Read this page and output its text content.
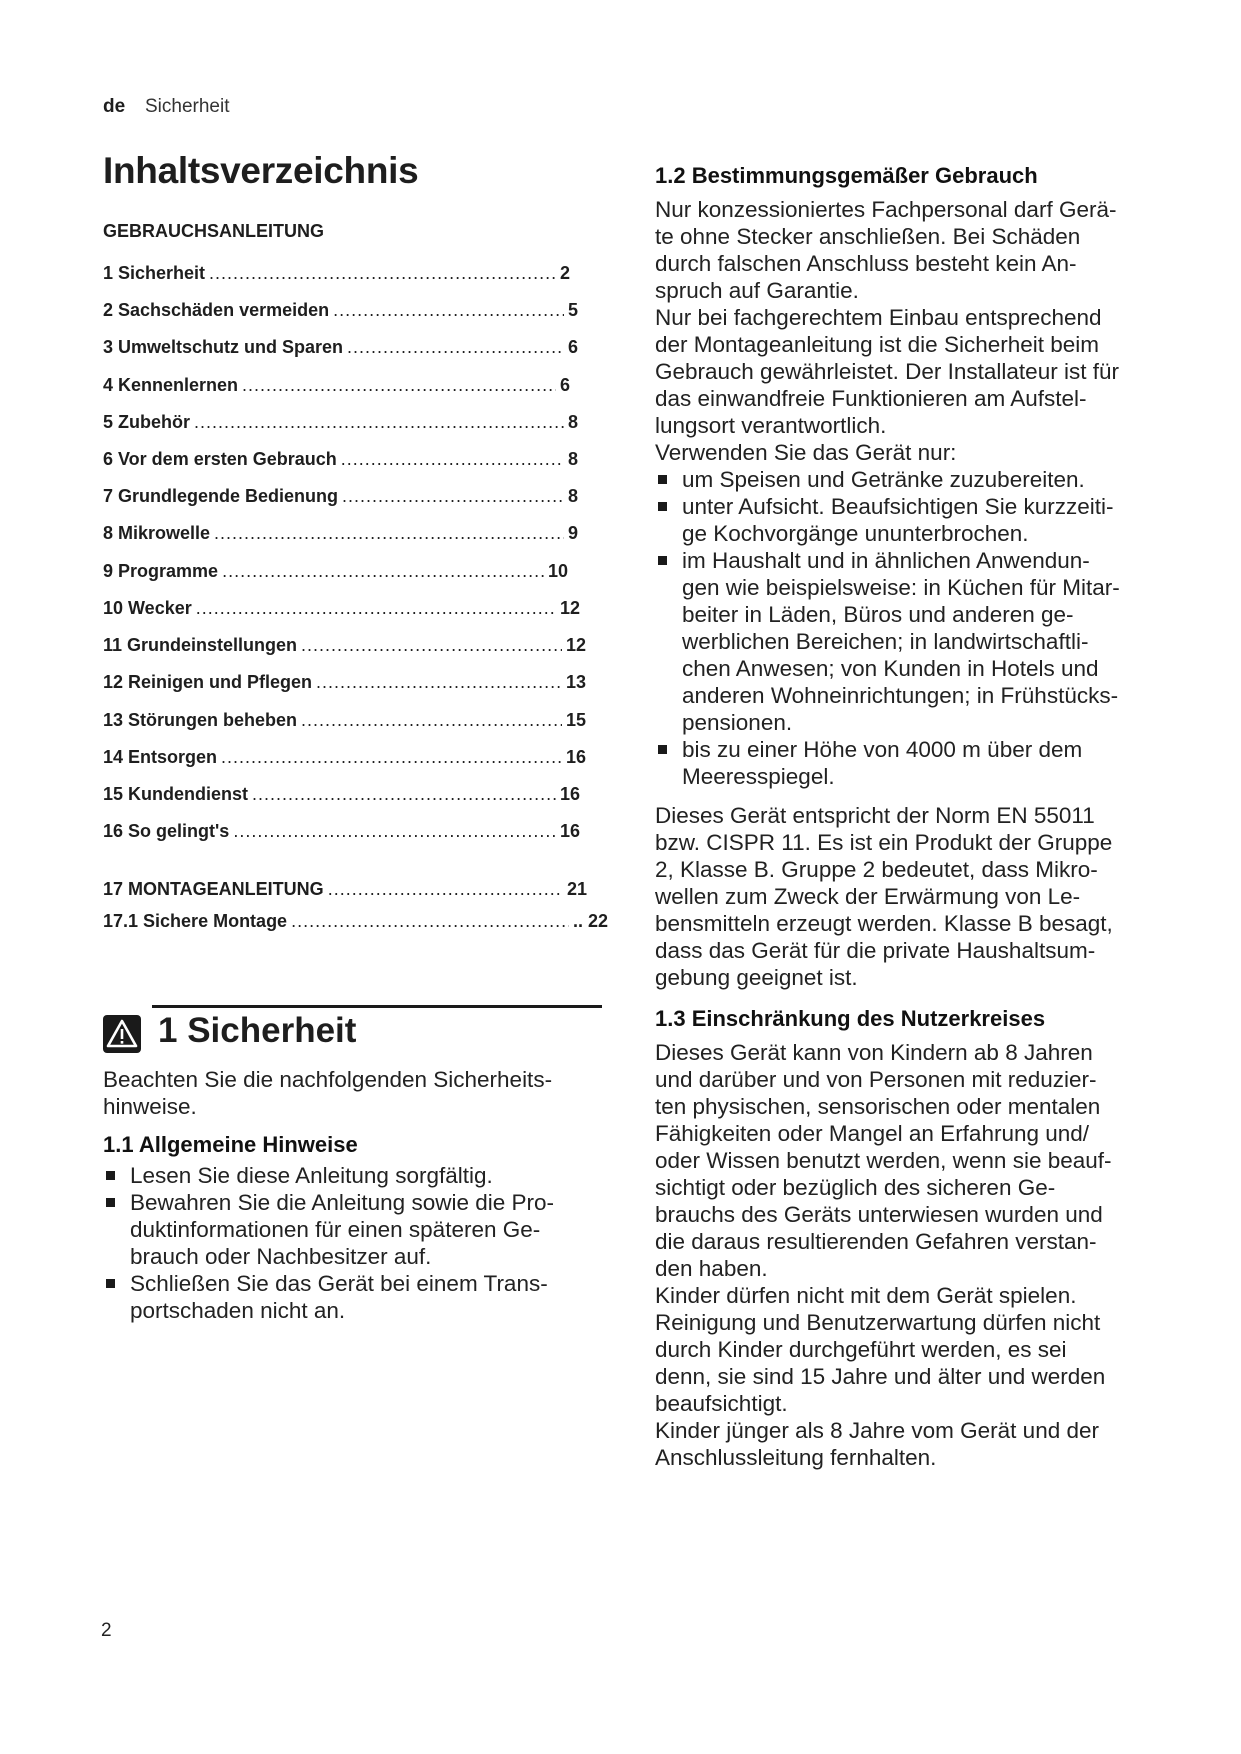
de Sicherheit
Inhaltsverzeichnis
GEBRAUCHSANLEITUNG
1 Sicherheit .....	2
2 Sachschäden vermeiden .....	5
3 Umweltschutz und Sparen .....	6
4 Kennenlernen .....	6
5 Zubehör .....	8
6 Vor dem ersten Gebrauch .....	8
7 Grundlegende Bedienung .....	8
8 Mikrowelle .....	9
9 Programme .....	10
10 Wecker .....	12
11 Grundeinstellungen .....	12
12 Reinigen und Pflegen .....	13
13 Störungen beheben .....	15
14 Entsorgen .....	16
15 Kundendienst .....	16
16 So gelingt's .....	16
17 MONTAGEANLEITUNG .....	21
17.1 Sichere Montage .....	.. 22
1 Sicherheit
Beachten Sie die nachfolgenden Sicherheits-
hinweise.
1.1 Allgemeine Hinweise
Lesen Sie diese Anleitung sorgfältig.
Bewahren Sie die Anleitung sowie die Pro-
duktinformationen für einen späteren Ge-
brauch oder Nachbesitzer auf.
Schließen Sie das Gerät bei einem Trans-
portschaden nicht an.
1.2 Bestimmungsgemäßer Gebrauch

Nur konzessioniertes Fachpersonal darf Gerä-
te ohne Stecker anschließen. Bei Schäden
durch falschen Anschluss besteht kein An-
spruch auf Garantie.

Nur bei fachgerechtem Einbau entsprechend
der Montageanleitung ist die Sicherheit beim
Gebrauch gewährleistet. Der Installateur ist für
das einwandfreie Funktionieren am Aufstel-
lungsort verantwortlich.

Verwenden Sie das Gerät nur:

um Speisen und Getränke zuzubereiten.
unter Aufsicht. Beaufsichtigen Sie kurzzeiti-
ge Kochvorgänge ununterbrochen.
im Haushalt und in ähnlichen Anwendun-
gen wie beispielsweise: in Küchen für Mitar-
beiter in Läden, Büros und anderen ge-
werblichen Bereichen; in landwirtschaftli-
chen Anwesen; von Kunden in Hotels und
anderen Wohneinrichtungen; in Frühstücks-
pensionen.
bis zu einer Höhe von 4000 m über dem
Meeresspiegel.

Dieses Gerät entspricht der Norm EN 55011
bzw. CISPR 11. Es ist ein Produkt der Gruppe
2, Klasse B. Gruppe 2 bedeutet, dass Mikro-
wellen zum Zweck der Erwärmung von Le-
bensmitteln erzeugt werden. Klasse B besagt,
dass das Gerät für die private Haushaltsum-
gebung geeignet ist.

1.3 Einschränkung des Nutzerkreises

Dieses Gerät kann von Kindern ab 8 Jahren
und darüber und von Personen mit reduzier-
ten physischen, sensorischen oder mentalen
Fähigkeiten oder Mangel an Erfahrung und/
oder Wissen benutzt werden, wenn sie beauf-
sichtigt oder bezüglich des sicheren Ge-
brauchs des Geräts unterwiesen wurden und
die daraus resultierenden Gefahren verstan-
den haben.

Kinder dürfen nicht mit dem Gerät spielen.
Reinigung und Benutzerwartung dürfen nicht
durch Kinder durchgeführt werden, es sei
denn, sie sind 15 Jahre und älter und werden
beaufsichtigt.

Kinder jünger als 8 Jahre vom Gerät und der
Anschlussleitung fernhalten.

2
